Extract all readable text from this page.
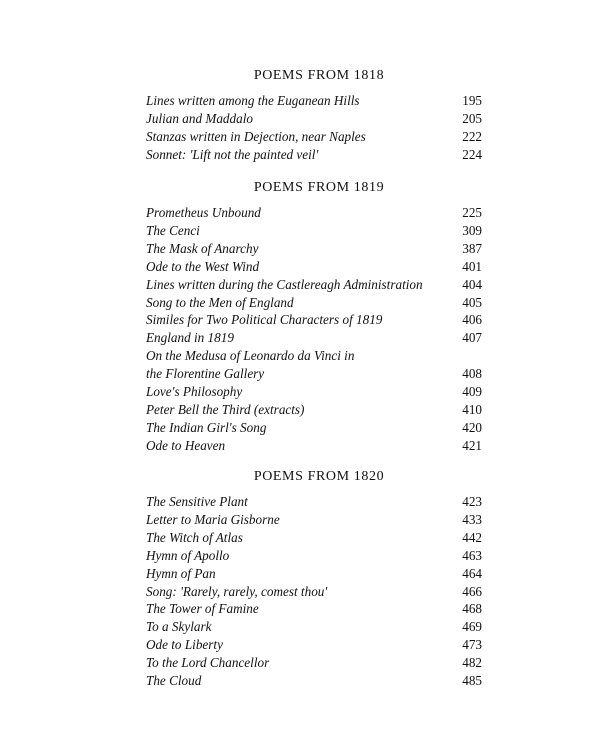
POEMS FROM 1818
Lines written among the Euganean Hills	195
Julian and Maddalo	205
Stanzas written in Dejection, near Naples	222
Sonnet: 'Lift not the painted veil'	224
POEMS FROM 1819
Prometheus Unbound	225
The Cenci	309
The Mask of Anarchy	387
Ode to the West Wind	401
Lines written during the Castlereagh Administration	404
Song to the Men of England	405
Similes for Two Political Characters of 1819	406
England in 1819	407
On the Medusa of Leonardo da Vinci in
the Florentine Gallery	408
Love's Philosophy	409
Peter Bell the Third (extracts)	410
The Indian Girl's Song	420
Ode to Heaven	421
POEMS FROM 1820
The Sensitive Plant	423
Letter to Maria Gisborne	433
The Witch of Atlas	442
Hymn of Apollo	463
Hymn of Pan	464
Song: 'Rarely, rarely, comest thou'	466
The Tower of Famine	468
To a Skylark	469
Ode to Liberty	473
To the Lord Chancellor	482
The Cloud	485
